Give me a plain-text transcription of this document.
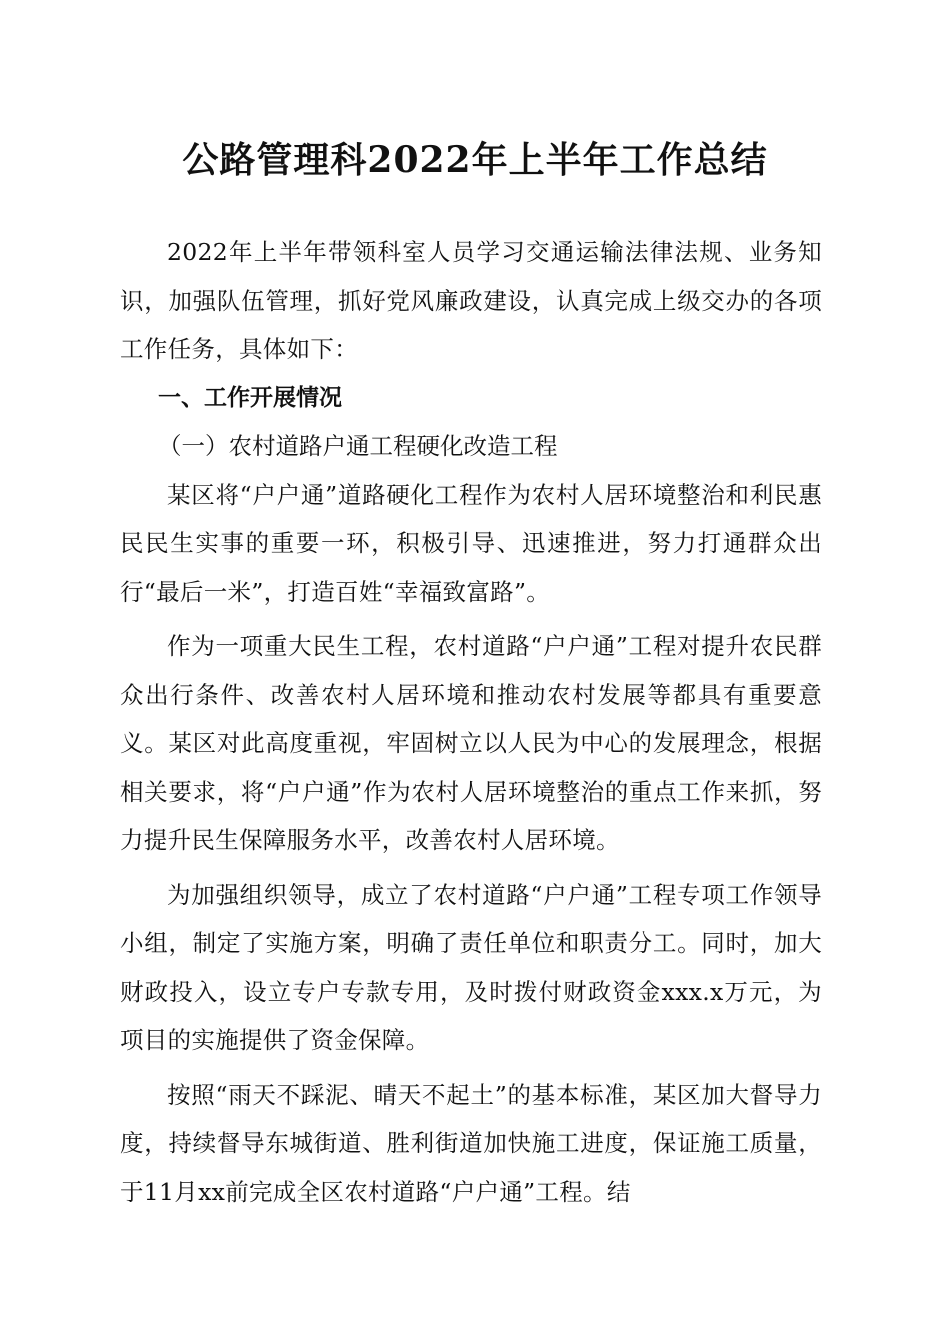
公路管理科2022年上半年工作总结

2022年上半年带领科室人员学习交通运输法律法规、业务知识，加强队伍管理，抓好党风廉政建设，认真完成上级交办的各项工作任务，具体如下：

一、工作开展情况

（一）农村道路户通工程硬化改造工程

某区将“户户通”道路硬化工程作为农村人居环境整治和利民惠民民生实事的重要一环，积极引导、迅速推进，努力打通群众出行“最后一米”，打造百姓“幸福致富路”。

作为一项重大民生工程，农村道路“户户通”工程对提升农民群众出行条件、改善农村人居环境和推动农村发展等都具有重要意义。某区对此高度重视，牢固树立以人民为中心的发展理念，根据相关要求，将“户户通”作为农村人居环境整治的重点工作来抓，努力提升民生保障服务水平，改善农村人居环境。

为加强组织领导，成立了农村道路“户户通”工程专项工作领导小组，制定了实施方案，明确了责任单位和职责分工。同时，加大财政投入，设立专户专款专用，及时拨付财政资金xxx.x万元，为项目的实施提供了资金保障。

按照“雨天不踩泥、晴天不起土”的基本标准，某区加大督导力度，持续督导东城街道、胜利街道加快施工进度，保证施工质量，于11月xx前完成全区农村道路“户户通”工程。结
